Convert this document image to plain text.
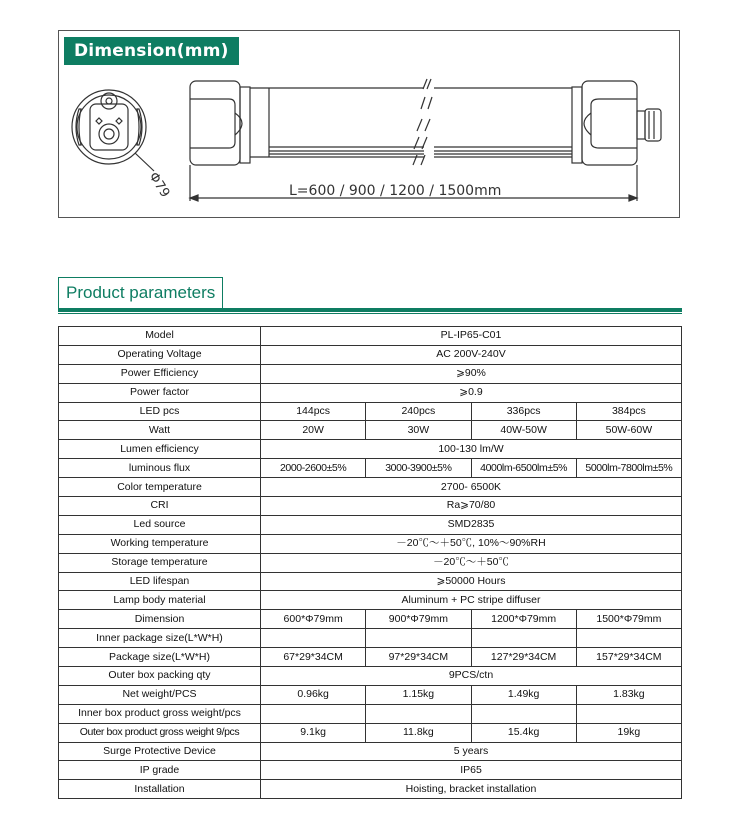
Φ79	L=600 / 900 / 1200 / 1500mm
Dimension(mm)
Product parameters
Model	PL-IP65-C01			
Operating Voltage	AC 200V-240V			
Power Efficiency	⩾90%			
Power factor	⩾0.9			
LED pcs	144pcs	240pcs	336pcs	384pcs
Watt	20W	30W	40W-50W	50W-60W
Lumen efficiency	100-130 lm/W			
luminous flux	2000-2600±5%	3000-3900±5%	4000lm-6500lm±5%	5000lm-7800lm±5%
Color temperature	2700- 6500K			
CRI	Ra⩾70/80			
Led source	SMD2835			
Working temperature	－20℃～＋50℃, 10%～90%RH			
Storage temperature	－20℃～＋50℃			
LED lifespan	⩾50000 Hours			
Lamp body material	Aluminum + PC stripe diffuser			
Dimension	600*Φ79mm	900*Φ79mm	1200*Φ79mm	1500*Φ79mm
Inner package size(L*W*H)				
Package size(L*W*H)	67*29*34CM	97*29*34CM	127*29*34CM	157*29*34CM
Outer box packing qty	9PCS/ctn			
Net weight/PCS	0.96kg	1.15kg	1.49kg	1.83kg
Inner box product gross weight/pcs				
Outer box product gross weight 9/pcs	9.1kg	11.8kg	15.4kg	19kg
Surge Protective Device	5 years			
IP grade	IP65			
Installation	Hoisting, bracket installation			
